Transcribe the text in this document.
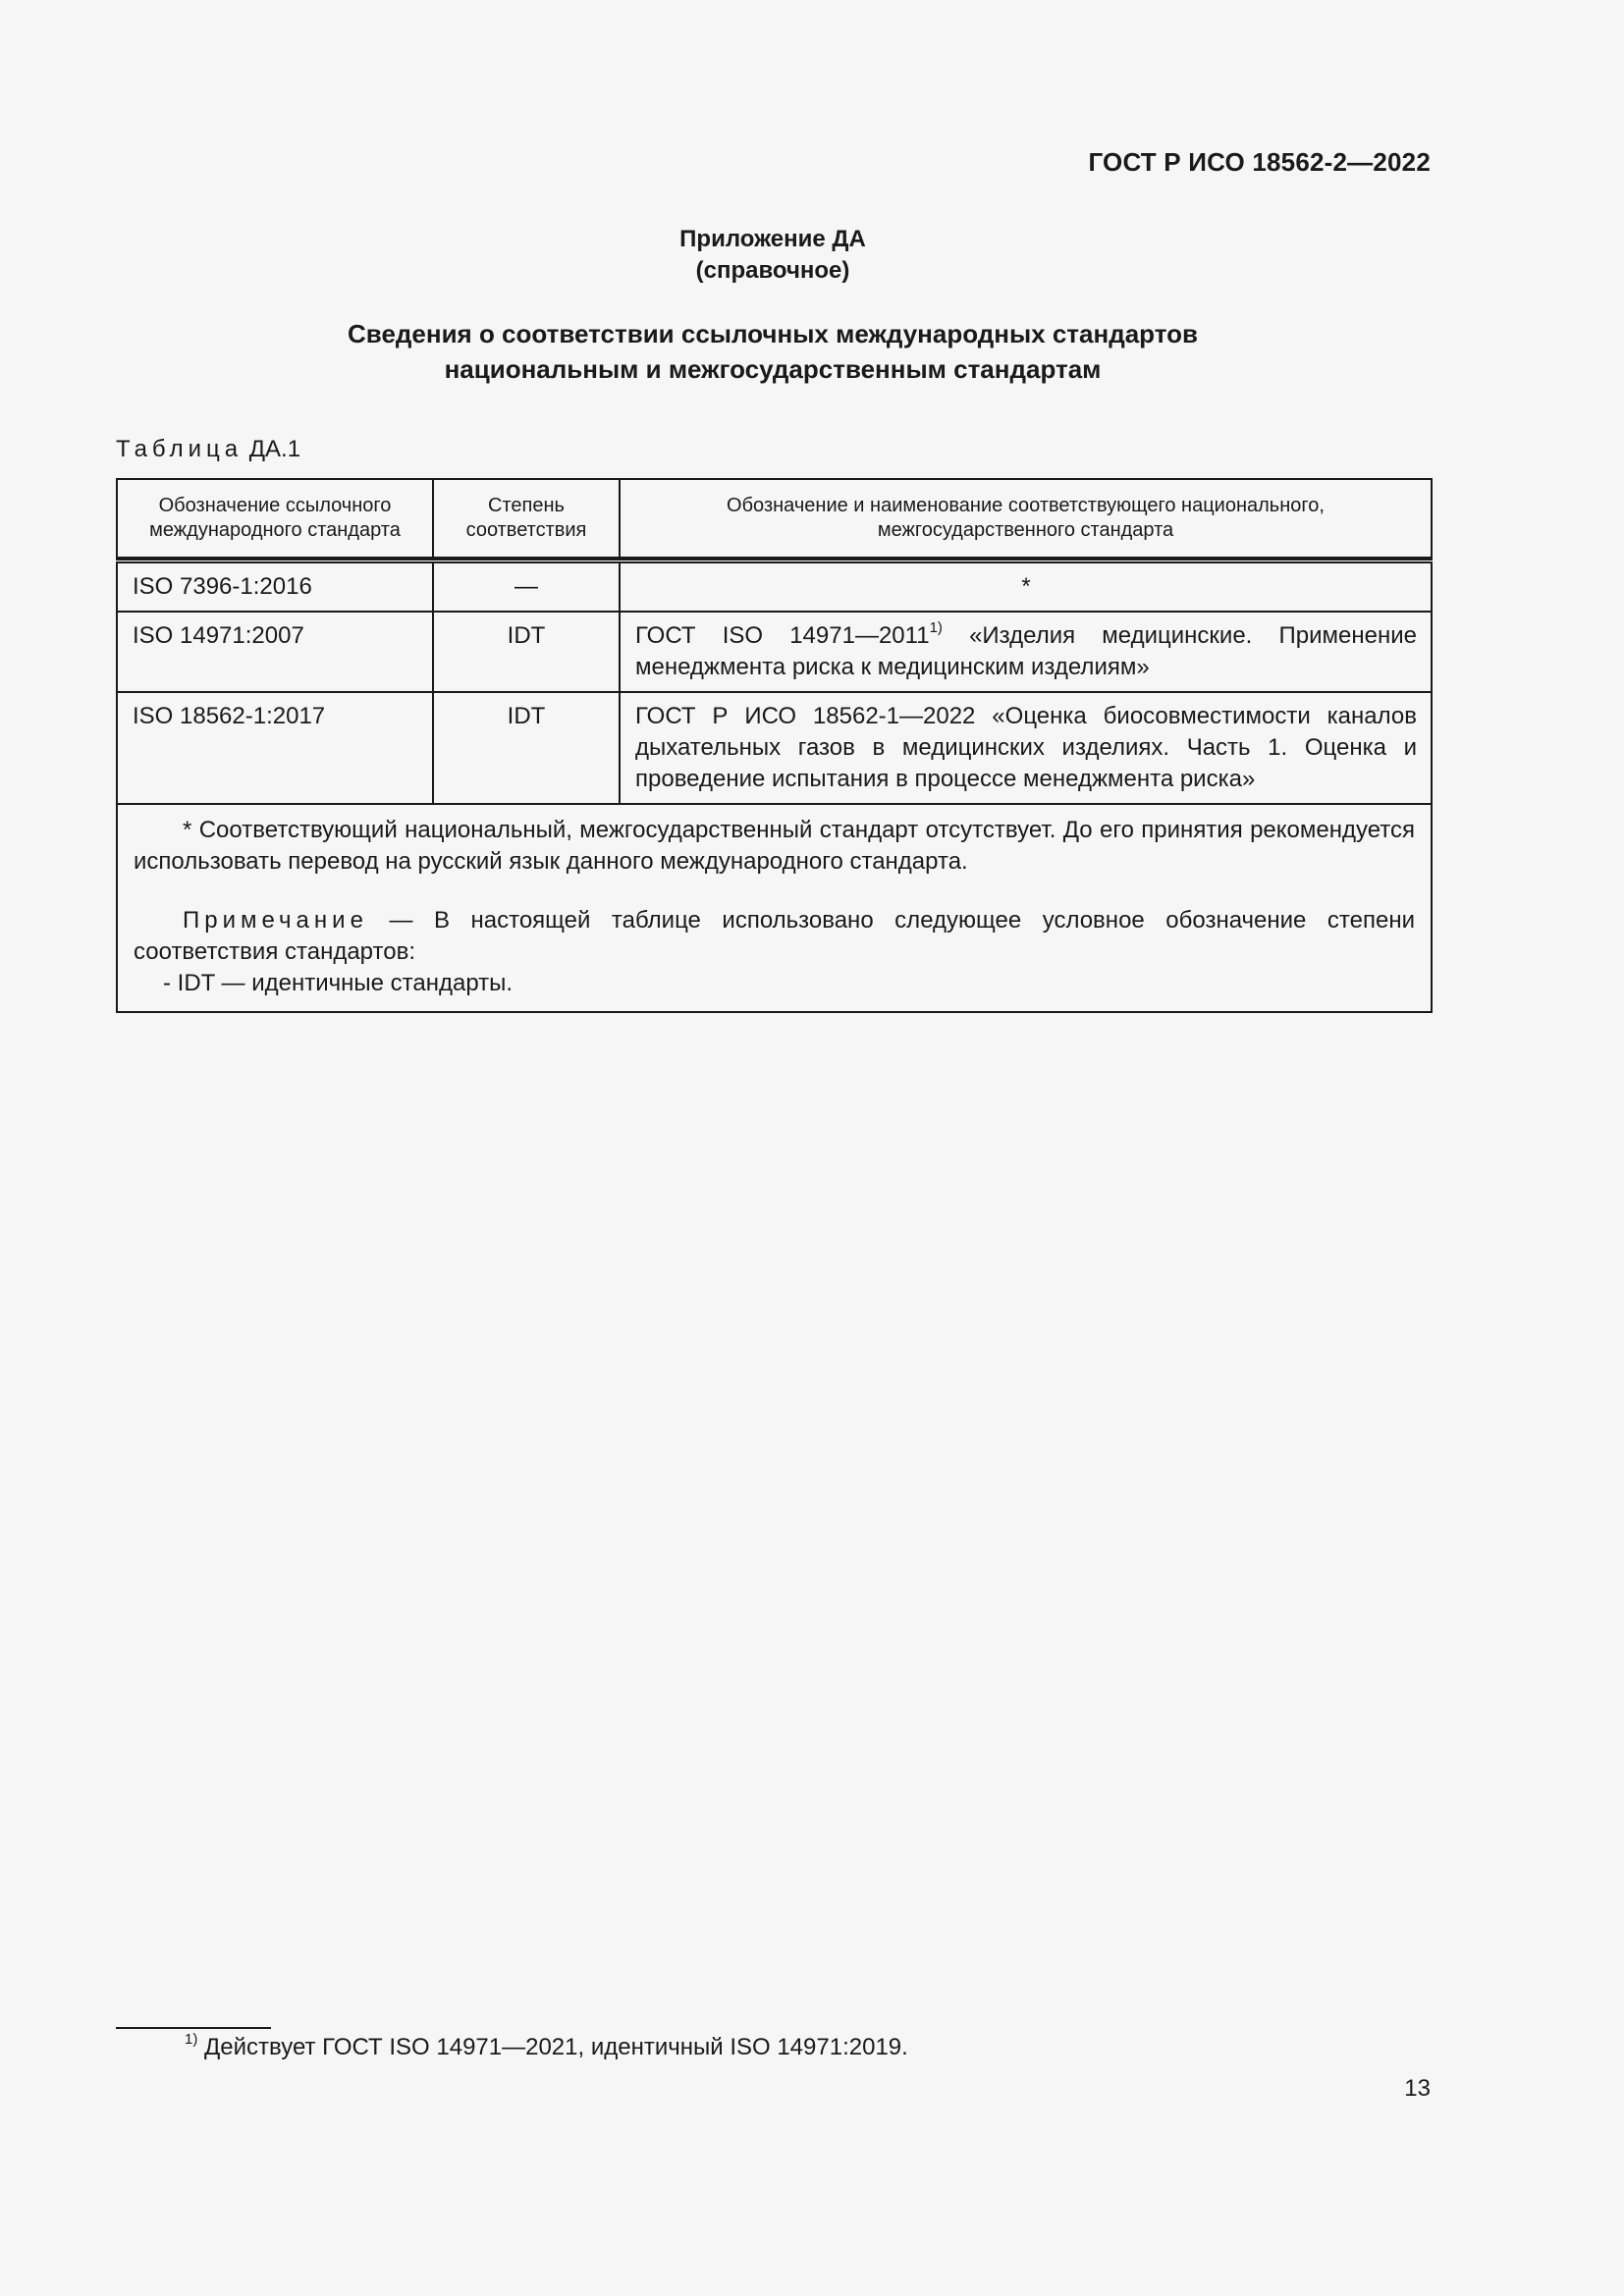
ГОСТ Р ИСО 18562-2—2022
Приложение ДА
(справочное)
Сведения о соответствии ссылочных международных стандартов
национальным и межгосударственным стандартам
Таблица ДА.1
Обозначение ссылочного международного стандарта	Степень соответствия	Обозначение и наименование соответствующего национального, межгосударственного стандарта

ISO 7396-1:2016	—	*
ISO 14971:2007	IDT	ГОСТ ISO 14971—2011$^{1)}$ «Изделия медицинские. Применение менеджмента риска к медицинским изделиям»
ISO 18562-1:2017	IDT	ГОСТ Р ИСО 18562-1—2022 «Оценка биосовместимости каналов дыхательных газов в медицинских изделиях. Часть 1. Оценка и проведение испытания в процессе менеджмента риска»

* Соответствующий национальный, межгосударственный стандарт отсутствует. До его принятия рекомендуется использовать перевод на русский язык данного международного стандарта.

Примечание — В настоящей таблице использовано следующее условное обозначение степени соответствия стандартов:

- IDT — идентичные стандарты.		

$^{1)}$ Действует ГОСТ ISO 14971—2021, идентичный ISO 14971:2019.
13
